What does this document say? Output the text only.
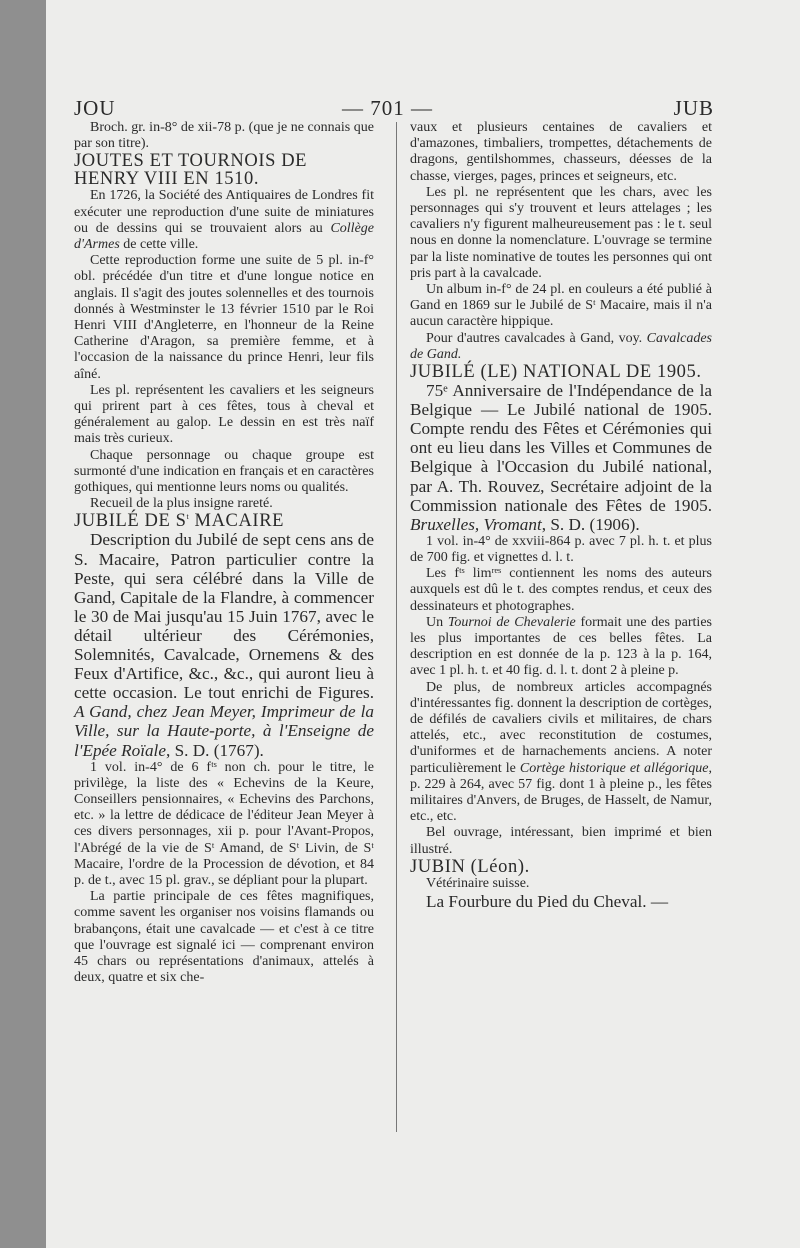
JOU	— 701 —	JUB

Broch. gr. in-8° de xii-78 p. (que je ne connais que par son titre).

JOUTES ET TOURNOIS DE HENRY VIII EN 1510.

En 1726, la Société des Antiquaires de Londres fit exécuter une reproduction d'une suite de miniatures ou de dessins qui se trouvaient alors au Collège d'Armes de cette ville.

Cette reproduction forme une suite de 5 pl. in-f° obl. précédée d'un titre et d'une longue notice en anglais. Il s'agit des joutes solennelles et des tournois donnés à Westminster le 13 février 1510 par le Roi Henri VIII d'Angleterre, en l'honneur de la Reine Catherine d'Aragon, sa première femme, et à l'occasion de la naissance du prince Henri, leur fils aîné.

Les pl. représentent les cavaliers et les seigneurs qui prirent part à ces fêtes, tous à cheval et généralement au galop. Le dessin en est très naïf mais très curieux.

Chaque personnage ou chaque groupe est surmonté d'une indication en français et en caractères gothiques, qui mentionne leurs noms ou qualités.

Recueil de la plus insigne rareté.

JUBILÉ DE $S^t$ MACAIRE

Description du Jubilé de sept cens ans de S. Macaire, Patron particulier contre la Peste, qui sera célébré dans la Ville de Gand, Capitale de la Flandre, à commencer le 30 de Mai jusqu'au 15 Juin 1767, avec le détail ultérieur des Cérémonies, Solemnités, Cavalcade, Ornemens & des Feux d'Artifice, &c., &c., qui auront lieu à cette occasion. Le tout enrichi de Figures. A Gand, chez Jean Meyer, Imprimeur de la Ville, sur la Haute-porte, à l'Enseigne de l'Epée Roïale, S. D. (1767).

1 vol. in-4° de 6 fᵗˢ non ch. pour le titre, le privilège, la liste des « Echevins de la Keure, Conseillers pensionnaires, « Echevins des Parchons, etc. » la lettre de dédicace de l'éditeur Jean Meyer à ces divers personnages, xii p. pour l'Avant-Propos, l'Abrégé de la vie de Sᵗ Amand, de Sᵗ Livin, de Sᵗ Macaire, l'ordre de la Procession de dévotion, et 84 p. de t., avec 15 pl. grav., se dépliant pour la plupart.

La partie principale de ces fêtes magnifiques, comme savent les organiser nos voisins flamands ou brabançons, était une cavalcade — et c'est à ce titre que l'ouvrage est signalé ici — comprenant environ 45 chars ou représentations d'animaux, attelés à deux, quatre et six che-

vaux et plusieurs centaines de cavaliers et d'amazones, timbaliers, trompettes, détachements de dragons, gentilshommes, chasseurs, déesses de la chasse, vierges, pages, princes et seigneurs, etc.

Les pl. ne représentent que les chars, avec les personnages qui s'y trouvent et leurs attelages ; les cavaliers n'y figurent malheureusement pas : le t. seul nous en donne la nomenclature. L'ouvrage se termine par la liste nominative de toutes les personnes qui ont pris part à la cavalcade.

Un album in-f° de 24 pl. en couleurs a été publié à Gand en 1869 sur le Jubilé de Sᵗ Macaire, mais il n'a aucun caractère hippique.

Pour d'autres cavalcades à Gand, voy. Cavalcades de Gand.

JUBILÉ (LE) NATIONAL DE 1905.

75ᵉ Anniversaire de l'Indépendance de la Belgique — Le Jubilé national de 1905. Compte rendu des Fêtes et Cérémonies qui ont eu lieu dans les Villes et Communes de Belgique à l'Occasion du Jubilé national, par A. Th. Rouvez, Secrétaire adjoint de la Commission nationale des Fêtes de 1905. Bruxelles, Vromant, S. D. (1906).

1 vol. in-4° de xxviii-864 p. avec 7 pl. h. t. et plus de 700 fig. et vignettes d. l. t.

Les fᵗˢ limʳᵉˢ contiennent les noms des auteurs auxquels est dû le t. des comptes rendus, et ceux des dessinateurs et photographes.

Un Tournoi de Chevalerie formait une des parties les plus importantes de ces belles fêtes. La description en est donnée de la p. 123 à la p. 164, avec 1 pl. h. t. et 40 fig. d. l. t. dont 2 à pleine p.

De plus, de nombreux articles accompagnés d'intéressantes fig. donnent la description de cortèges, de défilés de cavaliers civils et militaires, de chars attelés, etc., avec reconstitution de costumes, d'uniformes et de harnachements anciens. A noter particulièrement le Cortège historique et allégorique, p. 229 à 264, avec 57 fig. dont 1 à pleine p., les fêtes militaires d'Anvers, de Bruges, de Hasselt, de Namur, etc., etc.

Bel ouvrage, intéressant, bien imprimé et bien illustré.

JUBIN (Léon).

Vétérinaire suisse.

La Fourbure du Pied du Cheval. —
